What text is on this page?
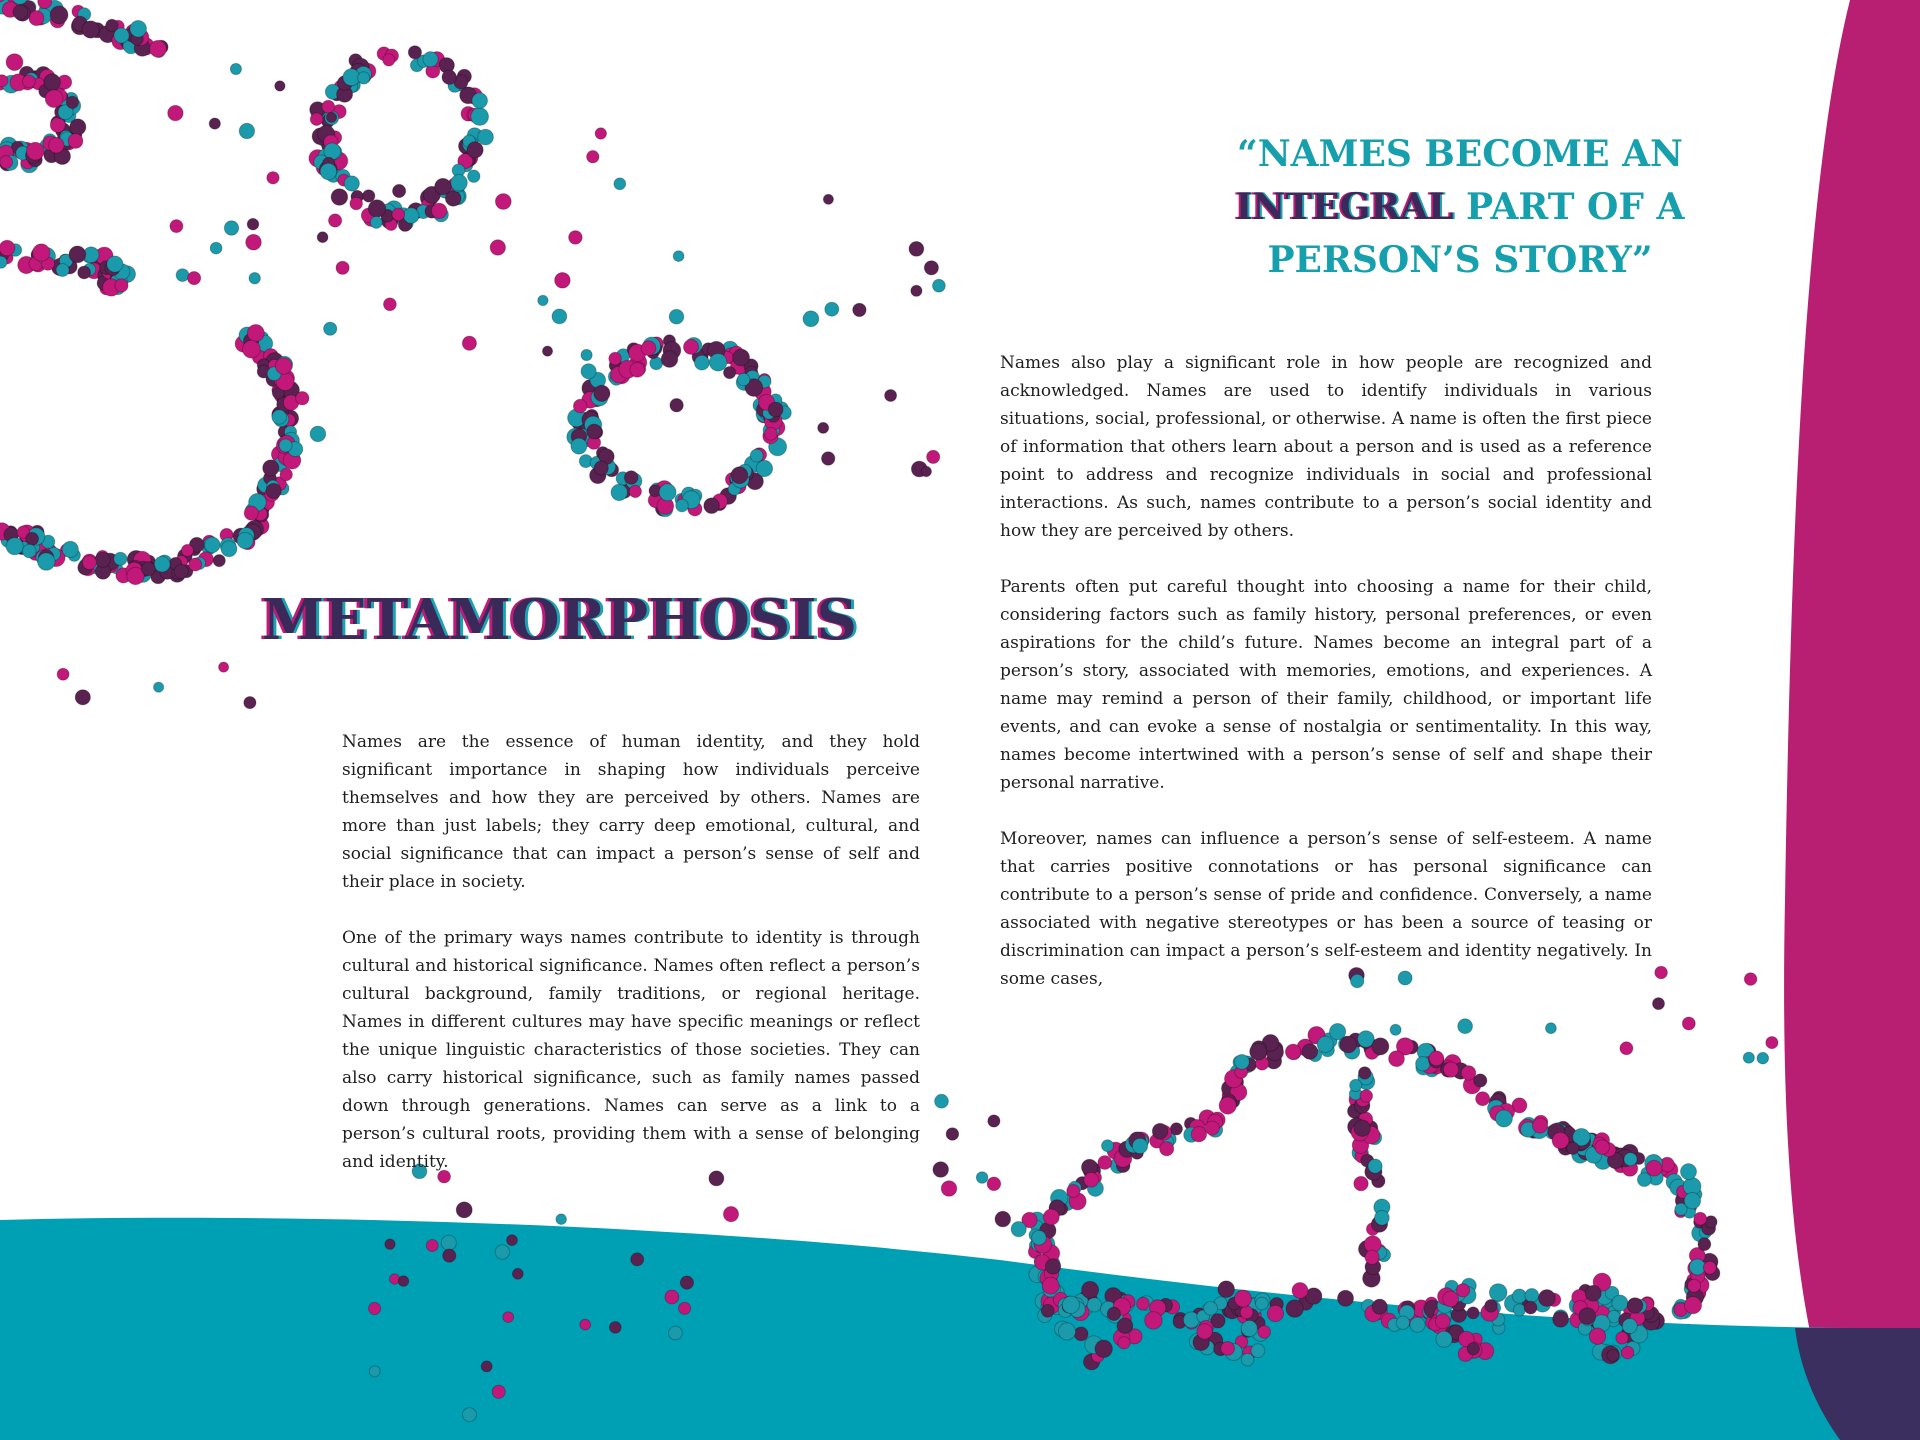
METAMORPHOSIS
“NAMES BECOME AN
INTEGRAL PART OF A PERSON’S STORY”

Names are the essence of human identity, and they hold significant importance in shaping how individuals perceive themselves and how they are perceived by others. Names are more than just labels; they carry deep emotional, cultural, and social significance that can impact a person’s sense of self and their place in society.

One of the primary ways names contribute to identity is through cultural and historical significance. Names often reflect a person’s cultural background, family traditions, or regional heritage. Names in different cultures may have specific meanings or reflect the unique linguistic characteristics of those societies. They can also carry historical significance, such as family names passed down through generations. Names can serve as a link to a person’s cultural roots, providing them with a sense of belonging and identity.

Names also play a significant role in how people are recognized and acknowledged. Names are used to identify individuals in various situations, social, professional, or otherwise. A name is often the first piece of information that others learn about a person and is used as a reference point to address and recognize individuals in social and professional interactions. As such, names contribute to a person’s social identity and how they are perceived by others.

Parents often put careful thought into choosing a name for their child, considering factors such as family history, personal preferences, or even aspirations for the child’s future. Names become an integral part of a person’s story, associated with memories, emotions, and experiences. A name may remind a person of their family, childhood, or important life events, and can evoke a sense of nostalgia or sentimentality. In this way, names become intertwined with a person’s sense of self and shape their personal narrative.

Moreover, names can influence a person’s sense of self-esteem. A name that carries positive connotations or has personal significance can contribute to a person’s sense of pride and confidence. Conversely, a name associated with negative stereotypes or has been a source of teasing or discrimination can impact a person’s self-esteem and identity negatively. In some cases,
